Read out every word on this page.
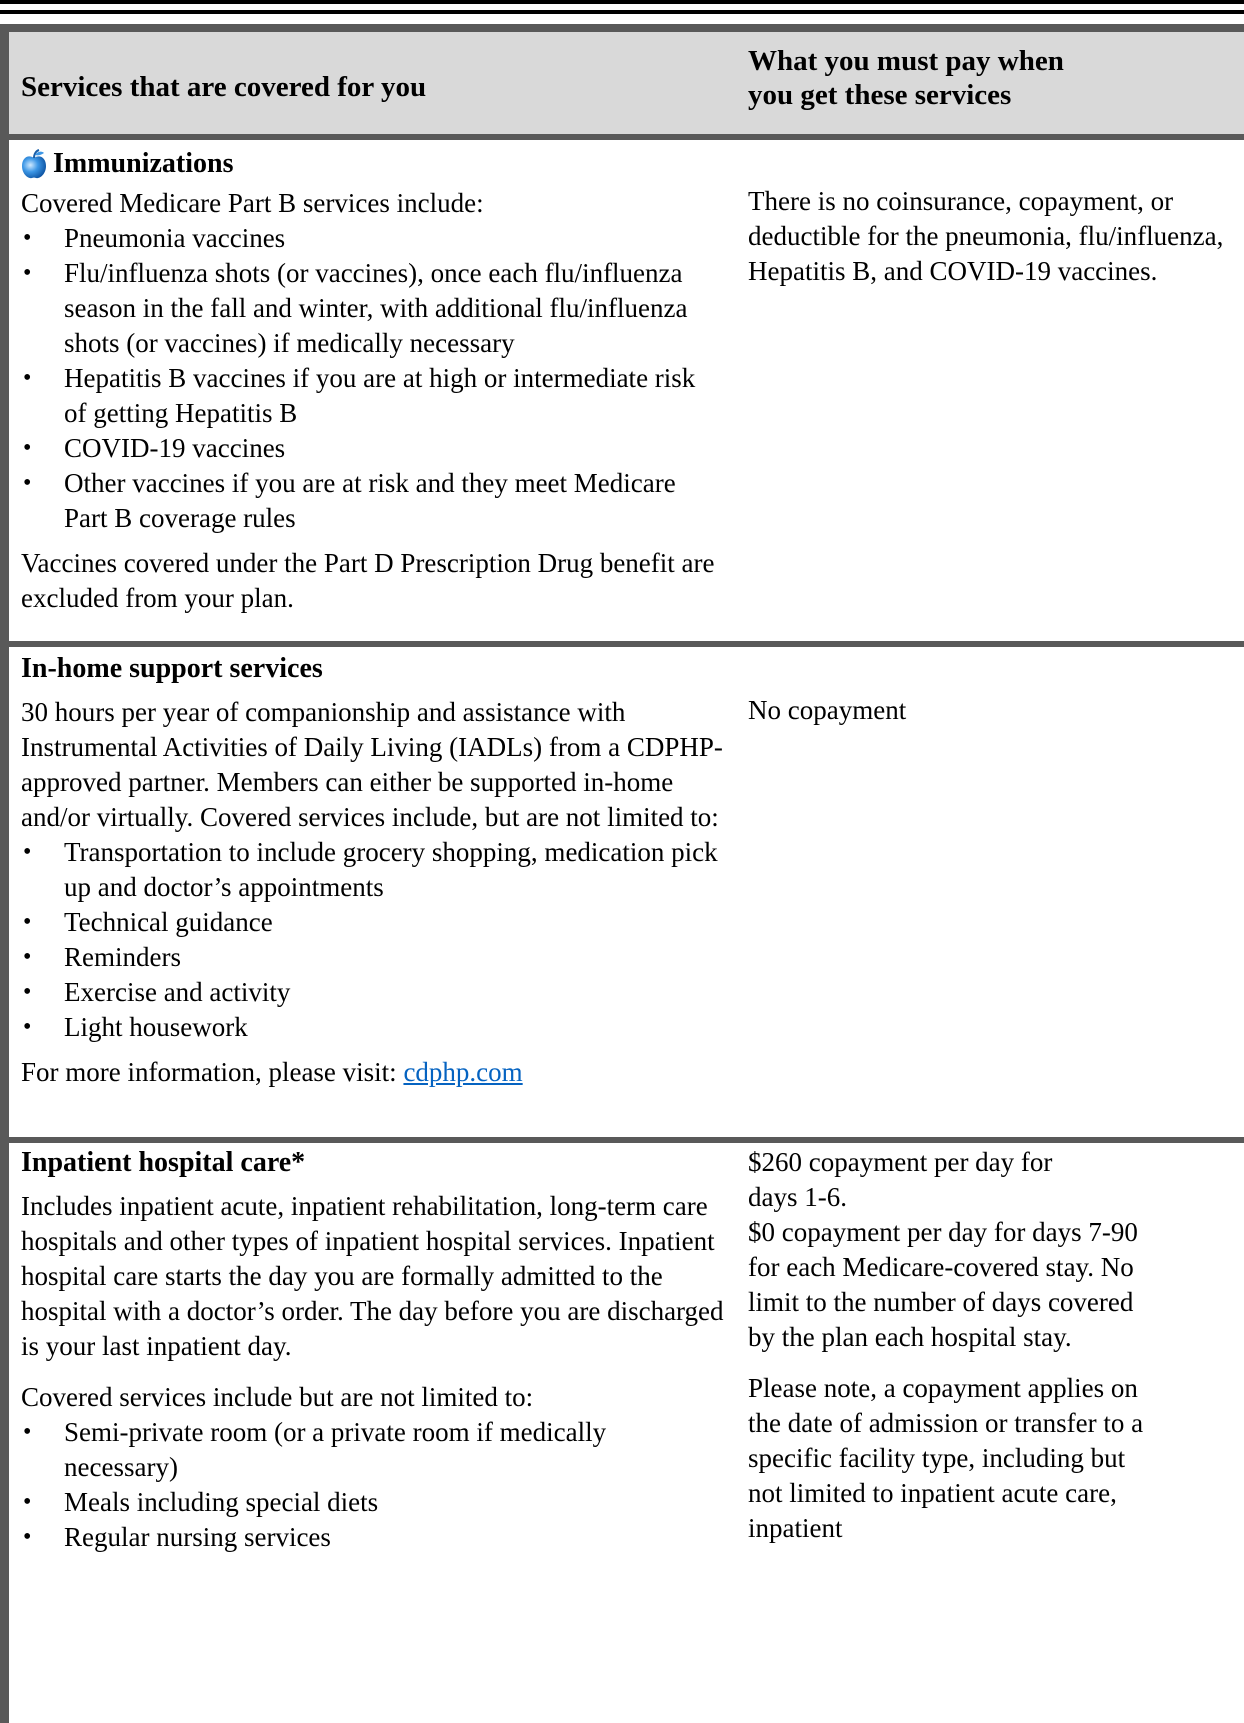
Services that are covered for you
What you must pay when
you get these services
Immunizations

Covered Medicare Part B services include:

• Pneumonia vaccines
• Flu/influenza shots (or vaccines), once each flu/influenza season in the fall and winter, with additional flu/influenza shots (or vaccines) if medically necessary
• Hepatitis B vaccines if you are at high or intermediate risk of getting Hepatitis B
• COVID-19 vaccines
• Other vaccines if you are at risk and they meet Medicare Part B coverage rules

Vaccines covered under the Part D Prescription Drug benefit are excluded from your plan.

There is no coinsurance, copayment, or deductible for the pneumonia, flu/influenza, Hepatitis B, and COVID-19 vaccines.

In-home support services

30 hours per year of companionship and assistance with Instrumental Activities of Daily Living (IADLs) from a CDPHP-approved partner. Members can either be supported in-home and/or virtually. Covered services include, but are not limited to:

• Transportation to include grocery shopping, medication pick up and doctor’s appointments
• Technical guidance
• Reminders
• Exercise and activity
• Light housework

For more information, please visit: cdphp.com

No copayment

Inpatient hospital care*

Includes inpatient acute, inpatient rehabilitation, long-term care hospitals and other types of inpatient hospital services. Inpatient hospital care starts the day you are formally admitted to the hospital with a doctor’s order. The day before you are discharged is your last inpatient day.

Covered services include but are not limited to:

• Semi-private room (or a private room if medically necessary)
• Meals including special diets
• Regular nursing services

$260 copayment per day for days 1-6.

$0 copayment per day for days 7-90 for each Medicare-covered stay. No limit to the number of days covered by the plan each hospital stay.

Please note, a copayment applies on the date of admission or transfer to a specific facility type, including but not limited to inpatient acute care, inpatient
